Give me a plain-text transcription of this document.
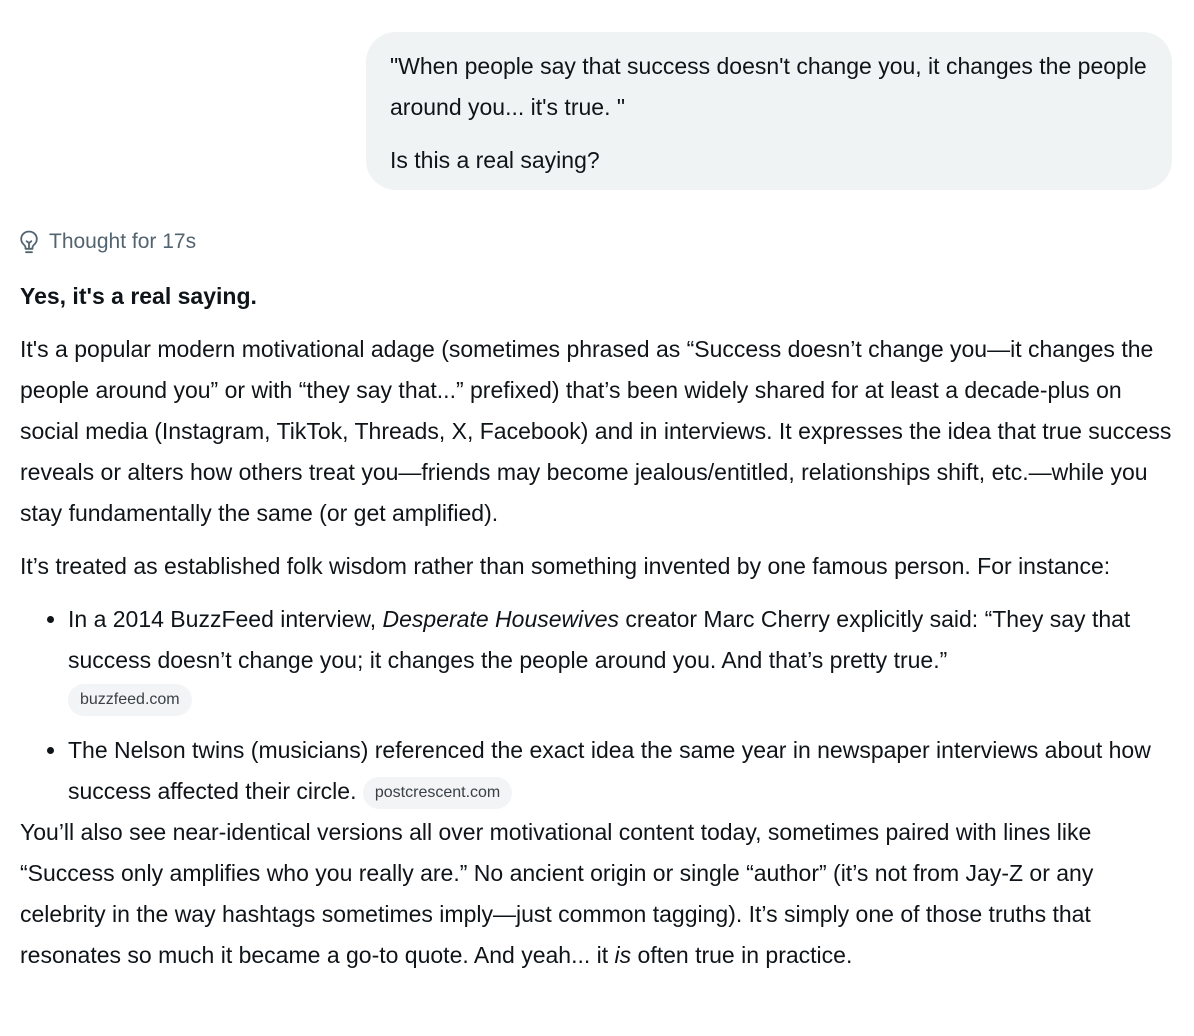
"When people say that success doesn't change you, it changes the people around you... it's true. "

Is this a real saying?

Thought for 17s

Yes, it's a real saying.

It's a popular modern motivational adage (sometimes phrased as “Success doesn’t change you—it changes the people around you” or with “they say that...” prefixed) that’s been widely shared for at least a decade-plus on social media (Instagram, TikTok, Threads, X, Facebook) and in interviews. It expresses the idea that true success reveals or alters how others treat you—friends may become jealous/entitled, relationships shift, etc.—while you stay fundamentally the same (or get amplified).

It’s treated as established folk wisdom rather than something invented by one famous person. For instance:

• In a 2014 BuzzFeed interview, Desperate Housewives creator Marc Cherry explicitly said: “They say that success doesn’t change you; it changes the people around you. And that’s pretty true.”
buzzfeed.com
• The Nelson twins (musicians) referenced the exact idea the same year in newspaper interviews about how success affected their circle. postcrescent.com

You’ll also see near-identical versions all over motivational content today, sometimes paired with lines like “Success only amplifies who you really are.” No ancient origin or single “author” (it’s not from Jay-Z or any celebrity in the way hashtags sometimes imply—just common tagging). It’s simply one of those truths that resonates so much it became a go-to quote. And yeah... it is often true in practice.
